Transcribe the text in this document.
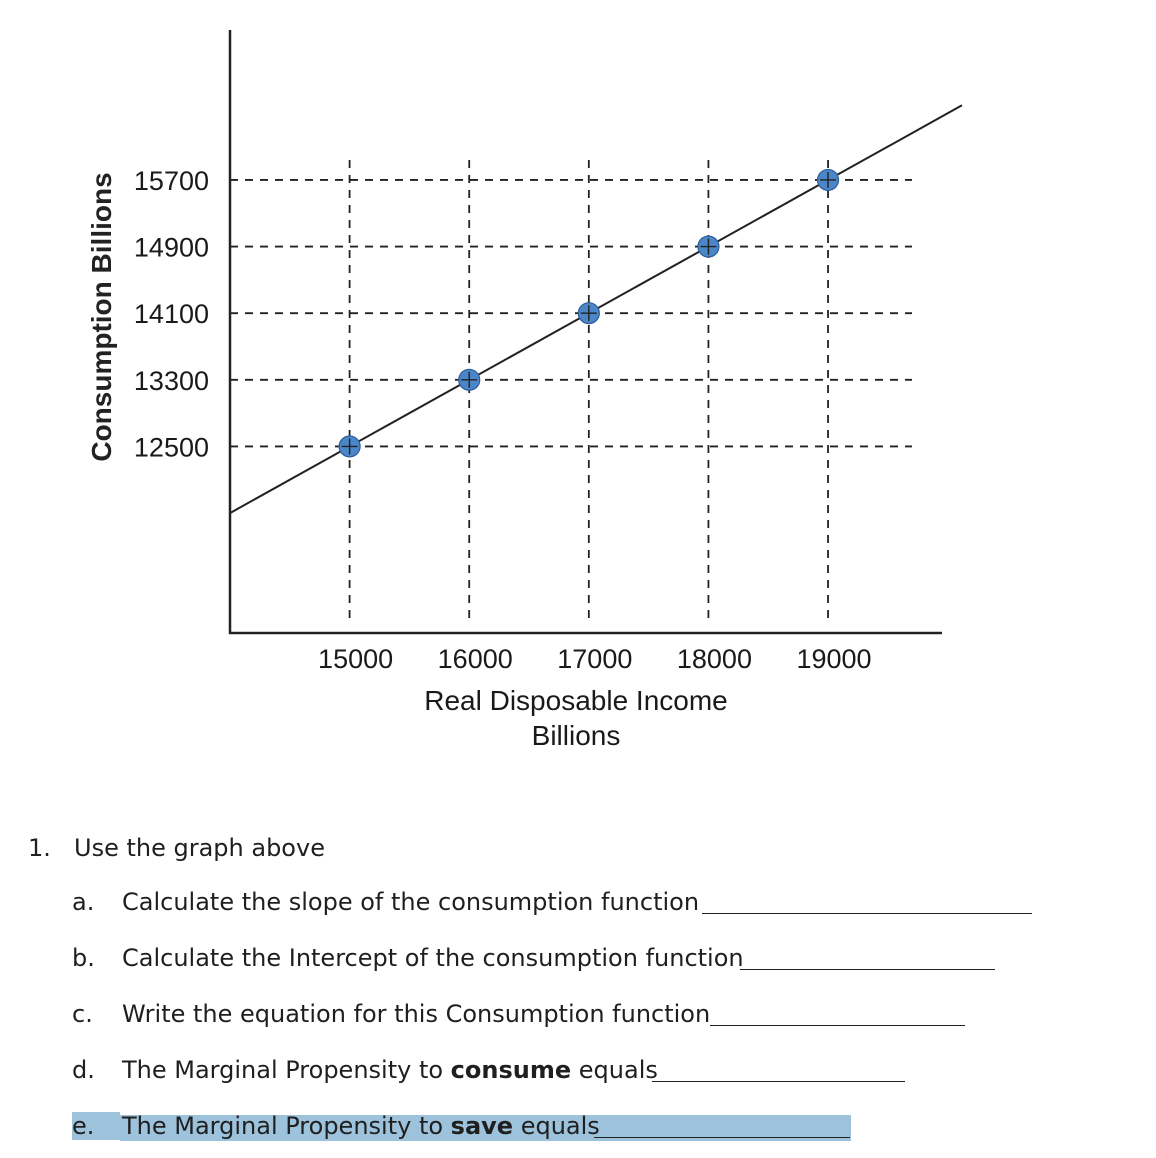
12500
13300
14100
14900
15700
15000 16000 17000 18000 19000
Real Disposable Income Billions
Consumption Billions
1. Use the graph above
a.	Calculate the slope of the consumption function
b.	Calculate the Intercept of the consumption function
c.	Write the equation for this Consumption function
d.	The Marginal Propensity to consume equals
e.	The Marginal Propensity to save equals
